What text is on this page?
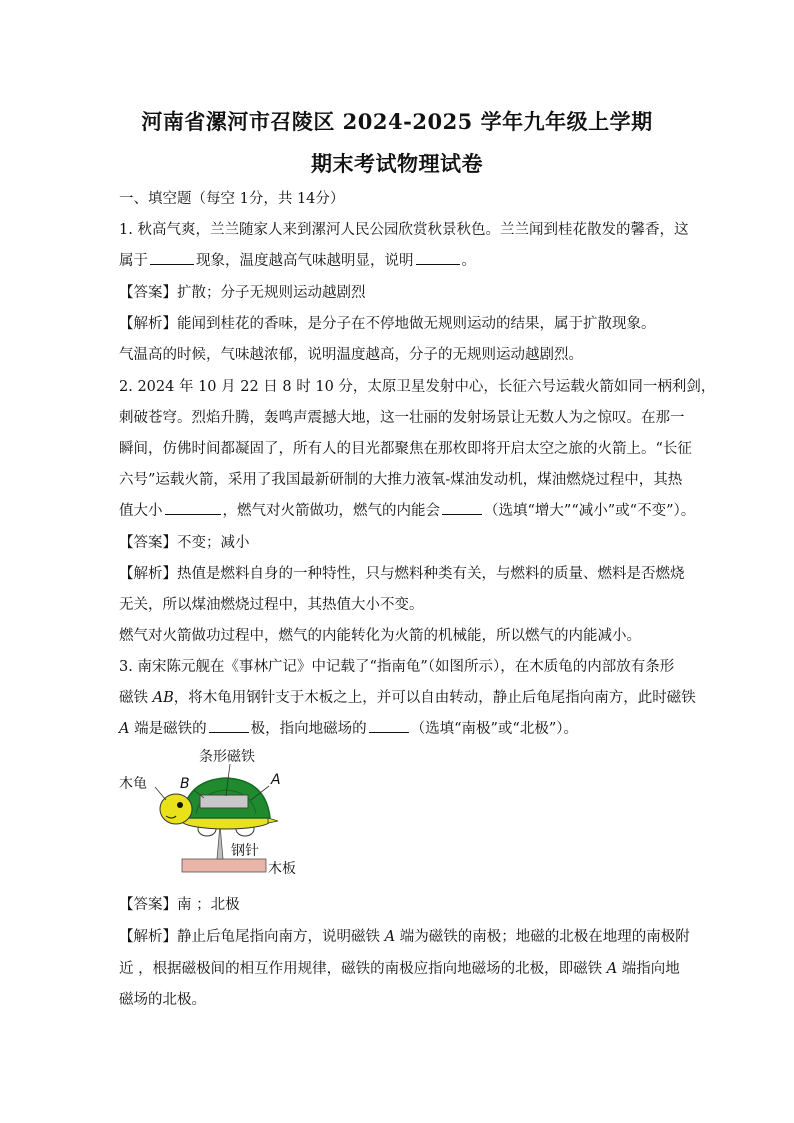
河南省漯河市召陵区 2024-2025 学年九年级上学期
期末考试物理试卷
一、填空题（每空 1分，共 14分）
1. 秋高气爽，兰兰随家人来到漯河人民公园欣赏秋景秋色。兰兰闻到桂花散发的馨香，这
属于	现象，温度越高气味越明显，说明	。
【答案】扩散；分子无规则运动越剧烈
【解析】能闻到桂花的香味，是分子在不停地做无规则运动的结果，属于扩散现象。
气温高的时候，气味越浓郁，说明温度越高，分子的无规则运动越剧烈。
2. 2024 年 10 月 22 日 8 时 10 分，太原卫星发射中心，长征六号运载火箭如同一柄利剑，
刺破苍穹。烈焰升腾，轰鸣声震撼大地，这一壮丽的发射场景让无数人为之惊叹。在那一
瞬间，仿佛时间都凝固了，所有人的目光都聚焦在那枚即将开启太空之旅的火箭上。“长征
六号”运载火箭，采用了我国最新研制的大推力液氧-煤油发动机，煤油燃烧过程中，其热
值大小	，燃气对火箭做功，燃气的内能会	（选填“增大”“减小”或“不变”）。
【答案】不变；减小
【解析】热值是燃料自身的一种特性，只与燃料种类有关，与燃料的质量、燃料是否燃烧
无关，所以煤油燃烧过程中，其热值大小不变。
燃气对火箭做功过程中，燃气的内能转化为火箭的机械能，所以燃气的内能减小。
3. 南宋陈元舰在《事林广记》中记载了“指南龟”（如图所示），在木质龟的内部放有条形
磁铁 AB，将木龟用钢针支于木板之上，并可以自由转动，静止后龟尾指向南方，此时磁铁
A 端是磁铁的	极，指向地磁场的	（选填“南极”或“北极”）。
条形磁铁
木龟 B	A
钢针
木板
【答案】南 ；北极
【解析】静止后龟尾指向南方，说明磁铁 A 端为磁铁的南极；地磁的北极在地理的南极附
近 ，根据磁极间的相互作用规律，磁铁的南极应指向地磁场的北极，即磁铁 A 端指向地
磁场的北极。
